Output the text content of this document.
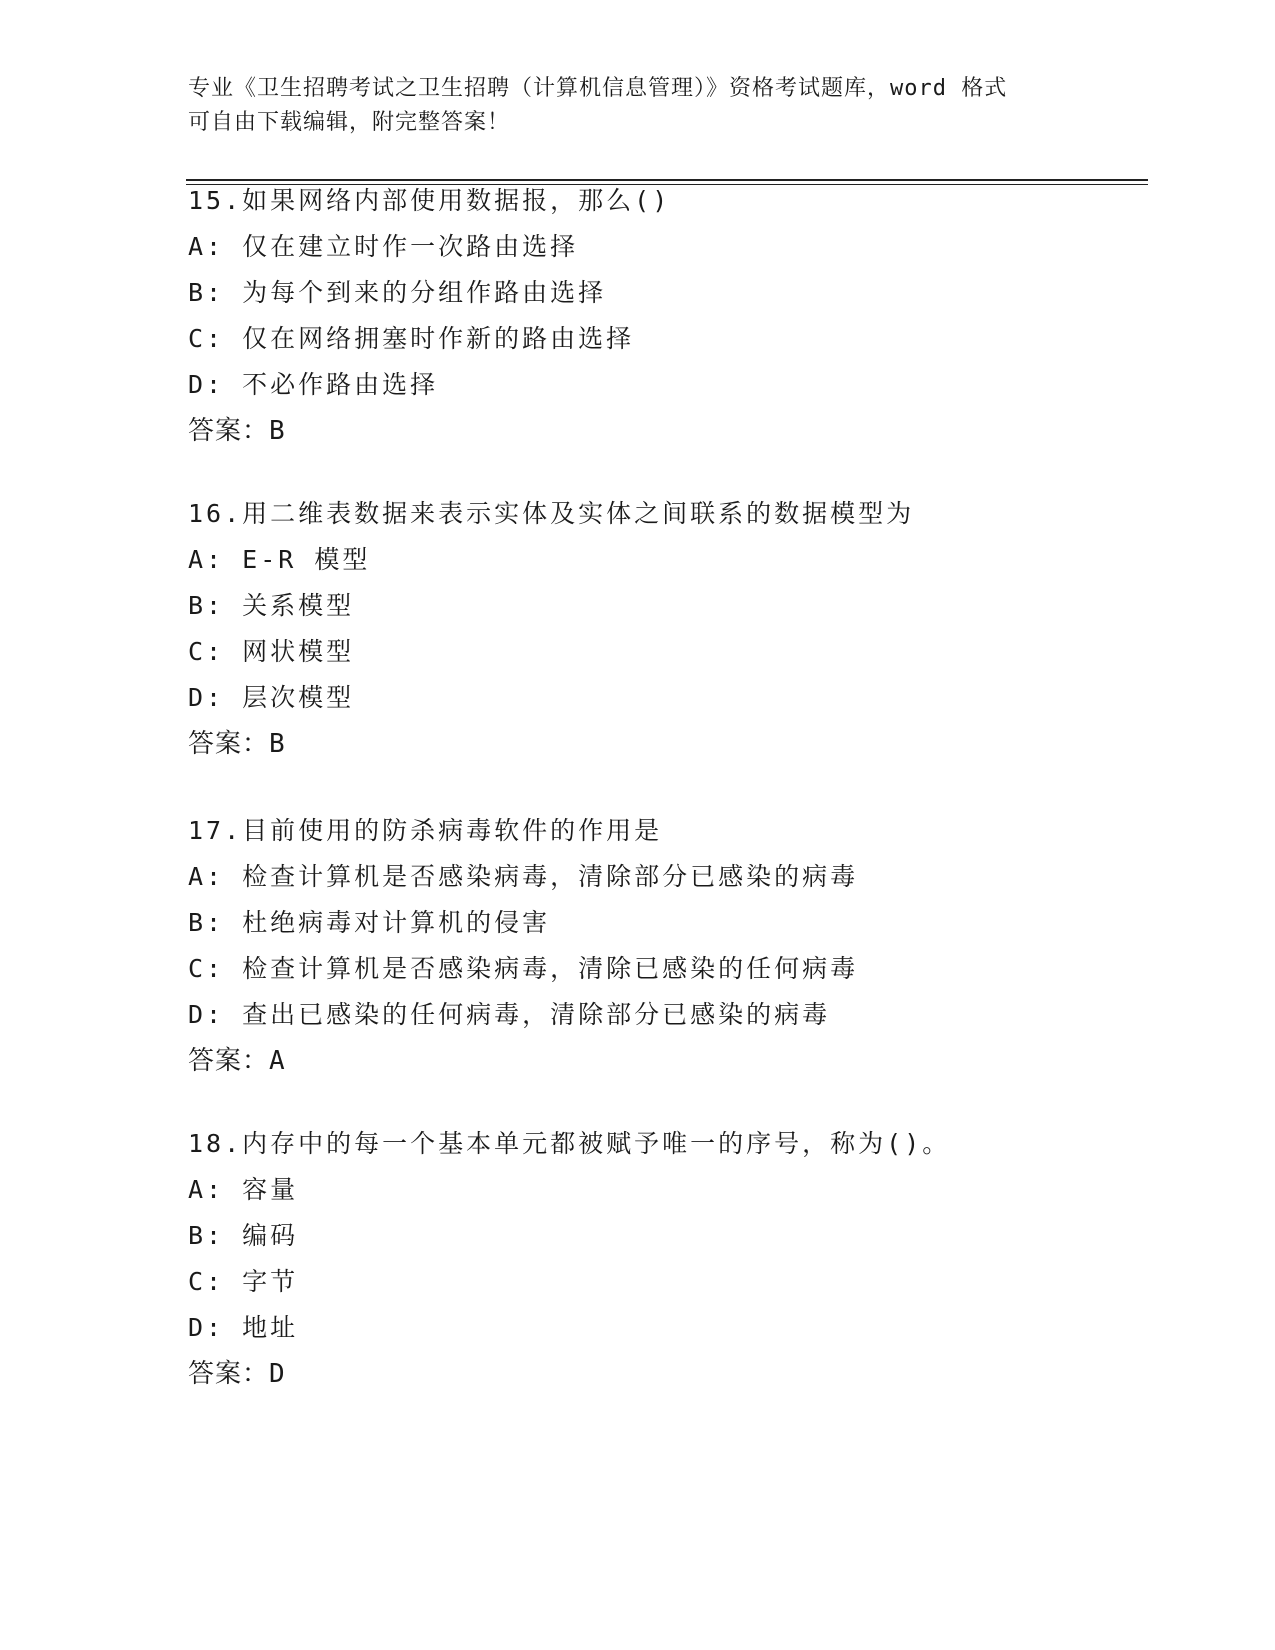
专业《卫生招聘考试之卫生招聘（计算机信息管理）》资格考试题库，word 格式

可自由下载编辑，附完整答案！

15.如果网络内部使用数据报，那么()
A: 仅在建立时作一次路由选择
B: 为每个到来的分组作路由选择
C: 仅在网络拥塞时作新的路由选择
D: 不必作路由选择
答案：B
16.用二维表数据来表示实体及实体之间联系的数据模型为
A: E-R 模型
B: 关系模型
C: 网状模型
D: 层次模型
答案：B
17.目前使用的防杀病毒软件的作用是
A: 检查计算机是否感染病毒，清除部分已感染的病毒
B: 杜绝病毒对计算机的侵害
C: 检查计算机是否感染病毒，清除已感染的任何病毒
D: 查出已感染的任何病毒，清除部分已感染的病毒
答案：A
18.内存中的每一个基本单元都被赋予唯一的序号，称为()。
A: 容量
B: 编码
C: 字节
D: 地址
答案：D
